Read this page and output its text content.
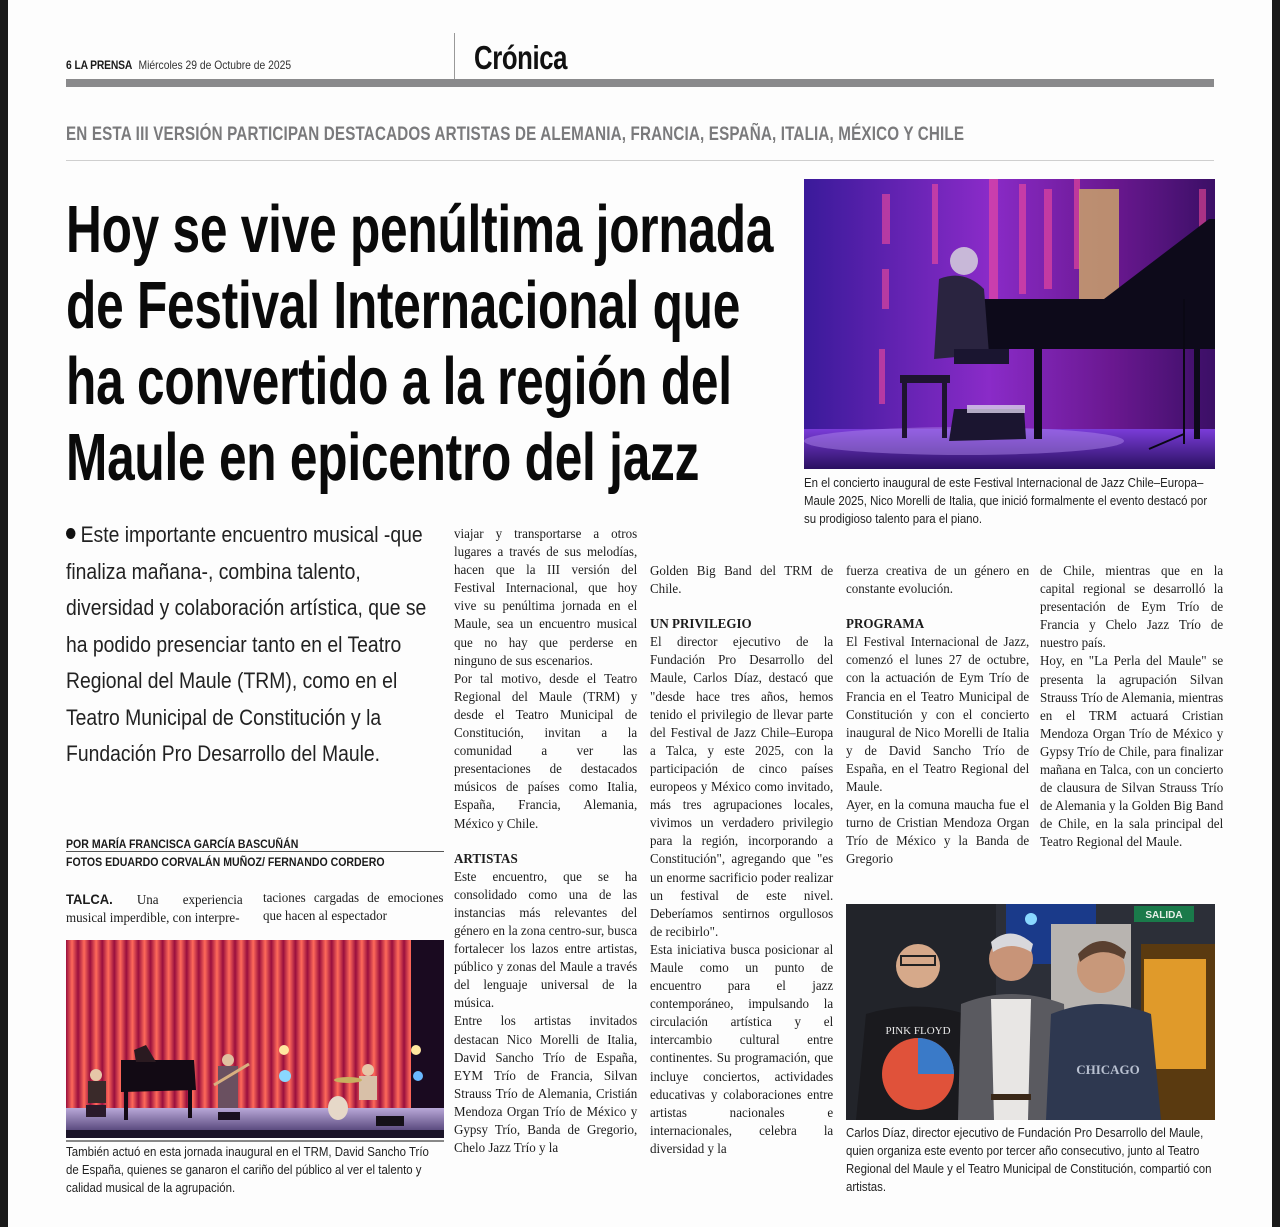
6 LA PRENSA Miércoles 29 de Octubre de 2025	Crónica
EN ESTA III VERSIÓN PARTICIPAN DESTACADOS ARTISTAS DE ALEMANIA, FRANCIA, ESPAÑA, ITALIA, MÉXICO Y CHILE
Hoy se vive penúltima jornada
de Festival Internacional que
ha convertido a la región del
Maule en epicentro del jazz	En el concierto inaugural de este Festival Internacional de Jazz Chile–Europa–Maule 2025, Nico Morelli de Italia, que inició formalmente el evento destacó por su prodigioso talento para el piano.
Este importante encuentro musical -que finaliza mañana-, combina talento, diversidad y colaboración artística, que se ha podido presenciar tanto en el Teatro Regional del Maule (TRM), como en el Teatro Municipal de Constitución y la Fundación Pro Desarrollo del Maule.
POR MARÍA FRANCISCA GARCÍA BASCUÑÁN
FOTOS EDUARDO CORVALÁN MUÑOZ/ FERNANDO CORDERO

TALCA. Una experiencia musical imperdible, con interpre-

taciones cargadas de emociones que hacen al espectador

También actuó en esta jornada inaugural en el TRM, David Sancho Trío de España, quienes se ganaron el cariño del público al ver el talento y calidad musical de la agrupación.

viajar y transportarse a otros lugares a través de sus melodías, hacen que la III versión del Festival Internacional, que hoy vive su penúltima jornada en el Maule, sea un encuentro musical que no hay que perderse en ninguno de sus escenarios.

Por tal motivo, desde el Teatro Regional del Maule (TRM) y desde el Teatro Municipal de Constitución, invitan a la comunidad a ver las presentaciones de destacados músicos de países como Italia, España, Francia, Alemania, México y Chile.

ARTISTAS

Este encuentro, que se ha consolidado como una de las instancias más relevantes del género en la zona centro-sur, busca fortalecer los lazos entre artistas, público y zonas del Maule a través del lenguaje universal de la música.

Entre los artistas invitados destacan Nico Morelli de Italia, David Sancho Trío de España, EYM Trío de Francia, Silvan Strauss Trío de Alemania, Cristián Mendoza Organ Trío de México y Gypsy Trío, Banda de Gregorio, Chelo Jazz Trío y la

Golden Big Band del TRM de Chile.

UN PRIVILEGIO

El director ejecutivo de la Fundación Pro Desarrollo del Maule, Carlos Díaz, destacó que "desde hace tres años, hemos tenido el privilegio de llevar parte del Festival de Jazz Chile–Europa a Talca, y este 2025, con la participación de cinco países europeos y México como invitado, más tres agrupaciones locales, vivimos un verdadero privilegio para la región, incorporando a Constitución", agregando que "es un enorme sacrificio poder realizar un festival de este nivel. Deberíamos sentirnos orgullosos de recibirlo".

Esta iniciativa busca posicionar al Maule como un punto de encuentro para el jazz contemporáneo, impulsando la circulación artística y el intercambio cultural entre continentes. Su programación, que incluye conciertos, actividades educativas y colaboraciones entre artistas nacionales e internacionales, celebra la diversidad y la

fuerza creativa de un género en constante evolución.

PROGRAMA

El Festival Internacional de Jazz, comenzó el lunes 27 de octubre, con la actuación de Eym Trío de Francia en el Teatro Municipal de Constitución y con el concierto inaugural de Nico Morelli de Italia y de David Sancho Trío de España, en el Teatro Regional del Maule.

Ayer, en la comuna maucha fue el turno de Cristian Mendoza Organ Trío de México y la Banda de Gregorio

de Chile, mientras que en la capital regional se desarrolló la presentación de Eym Trío de Francia y Chelo Jazz Trío de nuestro país.

Hoy, en "La Perla del Maule" se presenta la agrupación Silvan Strauss Trío de Alemania, mientras en el TRM actuará Cristian Mendoza Organ Trío de México y Gypsy Trío de Chile, para finalizar mañana en Talca, con un concierto de clausura de Silvan Strauss Trío de Alemania y la Golden Big Band de Chile, en la sala principal del Teatro Regional del Maule.

SALIDA
PINK FLOYD
CHICAGO
Carlos Díaz, director ejecutivo de Fundación Pro Desarrollo del Maule, quien organiza este evento por tercer año consecutivo, junto al Teatro Regional del Maule y el Teatro Municipal de Constitución, compartió con artistas.
